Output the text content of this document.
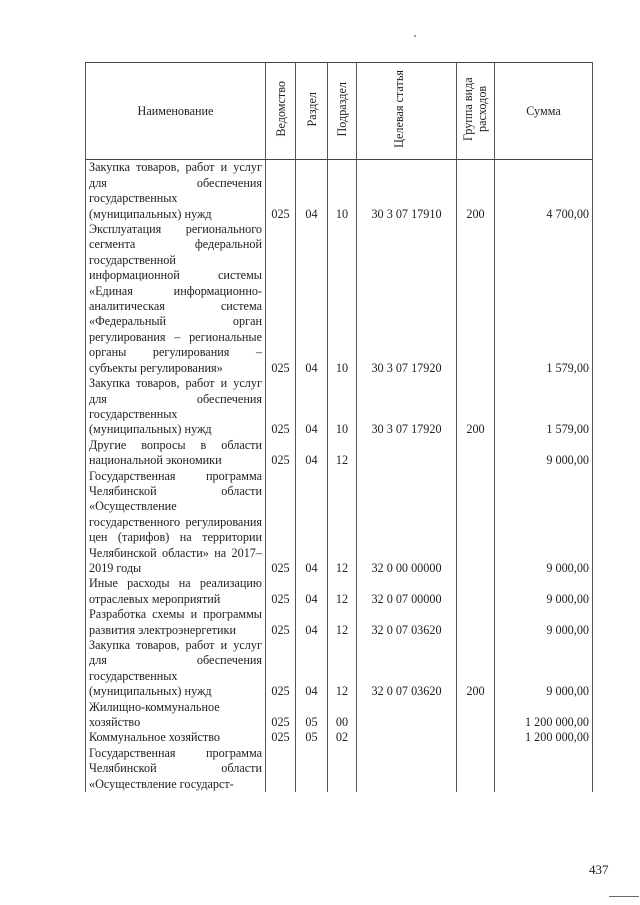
Наименование	Ведомство	Раздел	Подраздел	Целевая статья	Группа вида расходов	Сумма
Закупка товаров, работ и услуг для обеспечения государственных (муниципальных) нужд	025	04	10	30 3 07 17910	200	4 700,00
Эксплуатация регионального сегмента федеральной государственной информационной системы «Единая информационно-аналитическая система «Федеральный орган регулирования – региональные органы регулирования – субъекты регулирования»	025	04	10	30 3 07 17920		1 579,00
Закупка товаров, работ и услуг для обеспечения государственных (муниципальных) нужд	025	04	10	30 3 07 17920	200	1 579,00
Другие вопросы в области национальной экономики	025	04	12			9 000,00
Государственная программа Челябинской области «Осуществление государственного регулирования цен (тарифов) на территории Челябинской области» на 2017–2019 годы	025	04	12	32 0 00 00000		9 000,00
Иные расходы на реализацию отраслевых мероприятий	025	04	12	32 0 07 00000		9 000,00
Разработка схемы и программы развития электроэнергетики	025	04	12	32 0 07 03620		9 000,00
Закупка товаров, работ и услуг для обеспечения государственных (муниципальных) нужд	025	04	12	32 0 07 03620	200	9 000,00
Жилищно-коммунальное хозяйство	025	05	00			1 200 000,00
Коммунальное хозяйство	025	05	02			1 200 000,00
Государственная программа Челябинской области «Осуществление государст-						
437
